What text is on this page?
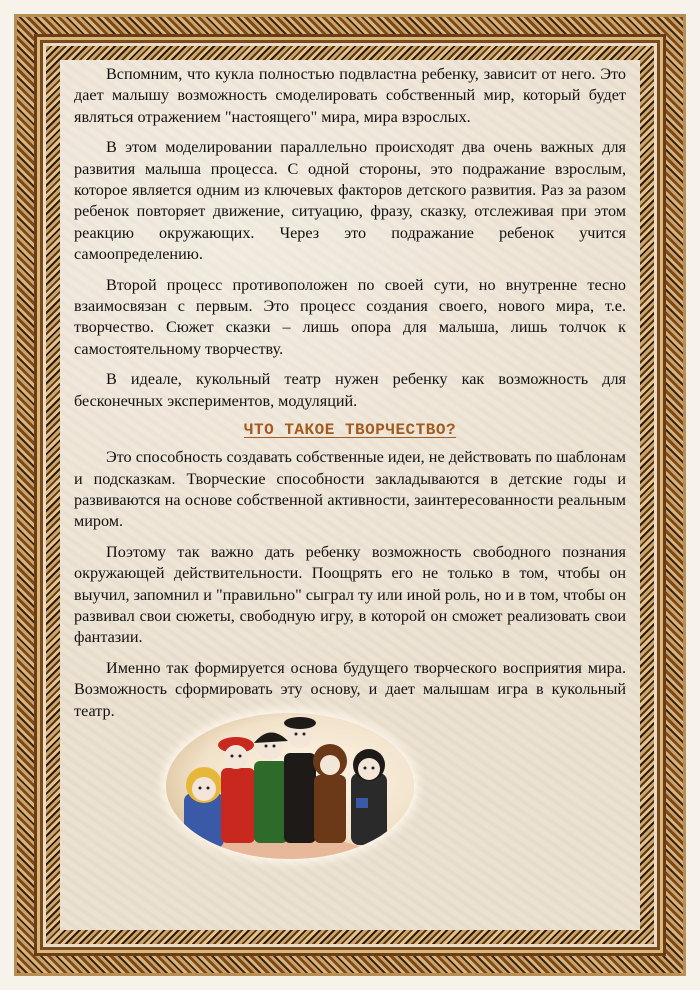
Вспомним, что кукла полностью подвластна ребенку, зависит от него. Это дает малышу возможность смоделировать собственный мир, который будет являться отражением "настоящего" мира, мира взрослых.

В этом моделировании параллельно происходят два очень важных для развития малыша процесса. С одной стороны, это подражание взрослым, которое является одним из ключевых факторов детского развития. Раз за разом ребенок повторяет движение, ситуацию, фразу, сказку, отслеживая при этом реакцию окружающих. Через это подражание ребенок учится самоопределению.

Второй процесс противоположен по своей сути, но внутренне тесно взаимосвязан с первым. Это процесс создания своего, нового мира, т.е. творчество. Сюжет сказки – лишь опора для малыша, лишь толчок к самостоятельному творчеству.

В идеале, кукольный театр нужен ребенку как возможность для бесконечных экспериментов, модуляций.

ЧТО ТАКОЕ ТВОРЧЕСТВО?

Это способность создавать собственные идеи, не действовать по шаблонам и подсказкам. Творческие способности закладываются в детские годы и развиваются на основе собственной активности, заинтересованности реальным миром.

Поэтому так важно дать ребенку возможность свободного познания окружающей действительности. Поощрять его не только в том, чтобы он выучил, запомнил и "правильно" сыграл ту или иной роль, но и в том, чтобы он развивал свои сюжеты, свободную игру, в которой он сможет реализовать свои фантазии.

Именно так формируется основа будущего творческого восприятия мира. Возможность сформировать эту основу, и дает малышам игра в кукольный театр.
